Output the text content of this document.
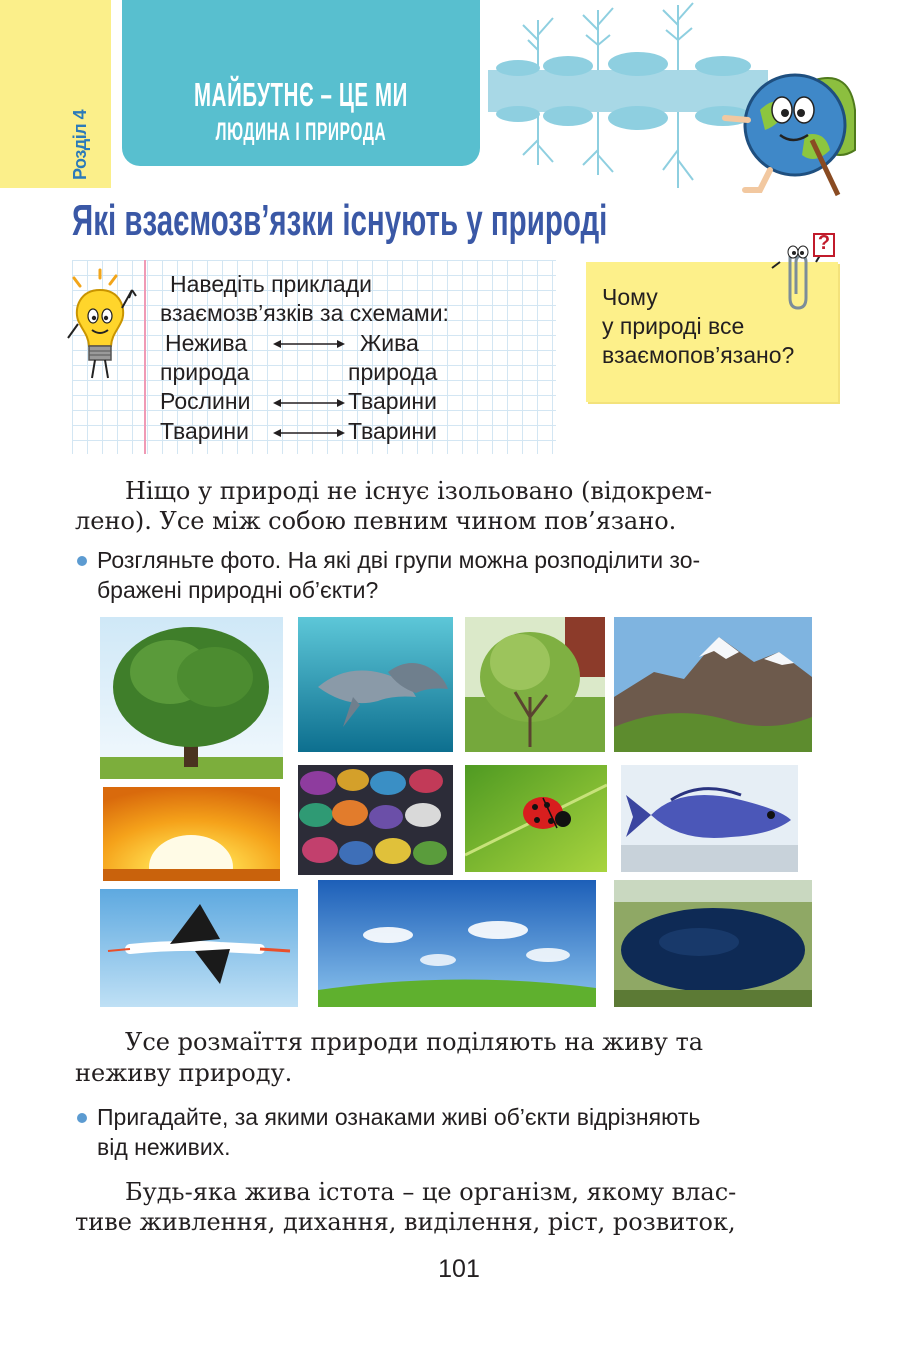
Розділ 4
МАЙБУТНЄ – ЦЕ МИ
ЛЮДИНА І ПРИРОДА
Які взаємозв’язки існують у природі
Наведіть приклади
взаємозв’язків за схемами:
Нежива	Жива
природа	природа
Рослини	Тварини
Тварини	Тварини
Чому
у природі все
взаємопов’язано?
?
Ніщо у природі не існує ізольовано (відокрем-
лено). Усе між собою певним чином пов’язано.
Розгляньте фото. На які дві групи можна розподілити зо-
бражені природні об’єкти?
Усе розмаїття природи поділяють на живу та
неживу природу.
Пригадайте, за якими ознаками живі об’єкти відрізняють
від неживих.
Будь-яка жива істота – це організм, якому влас-
тиве живлення, дихання, виділення, ріст, розвиток,
101
